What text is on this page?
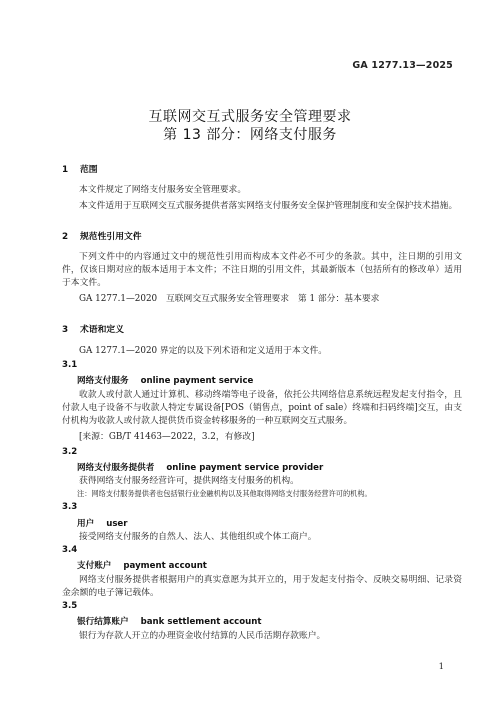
GA 1277.13—2025
互联网交互式服务安全管理要求
第 13 部分：网络支付服务
1 范围
本文件规定了网络支付服务安全管理要求。
本文件适用于互联网交互式服务提供者落实网络支付服务安全保护管理制度和安全保护技术措施。
2 规范性引用文件
下列文件中的内容通过文中的规范性引用而构成本文件必不可少的条款。其中，注日期的引用文件，仅该日期对应的版本适用于本文件；不注日期的引用文件，其最新版本（包括所有的修改单）适用于本文件。
GA 1277.1—2020　互联网交互式服务安全管理要求　第 1 部分：基本要求
3 术语和定义
GA 1277.1—2020 界定的以及下列术语和定义适用于本文件。
3.1
网络支付服务 online payment service
收款人或付款人通过计算机、移动终端等电子设备，依托公共网络信息系统远程发起支付指令，且付款人电子设备不与收款人特定专属设备[POS（销售点，point of sale）终端和扫码终端]交互，由支付机构为收款人或付款人提供货币资金转移服务的一种互联网交互式服务。
[来源：GB/T 41463—2022，3.2，有修改]
3.2
网络支付服务提供者 online payment service provider
获得网络支付服务经营许可，提供网络支付服务的机构。
注：网络支付服务提供者也包括银行业金融机构以及其他取得网络支付服务经营许可的机构。
3.3
用户 user
接受网络支付服务的自然人、法人、其他组织或个体工商户。
3.4
支付账户 payment account
网络支付服务提供者根据用户的真实意愿为其开立的，用于发起支付指令、反映交易明细、记录资金余额的电子簿记载体。
3.5
银行结算账户 bank settlement account
银行为存款人开立的办理资金收付结算的人民币活期存款账户。
1
